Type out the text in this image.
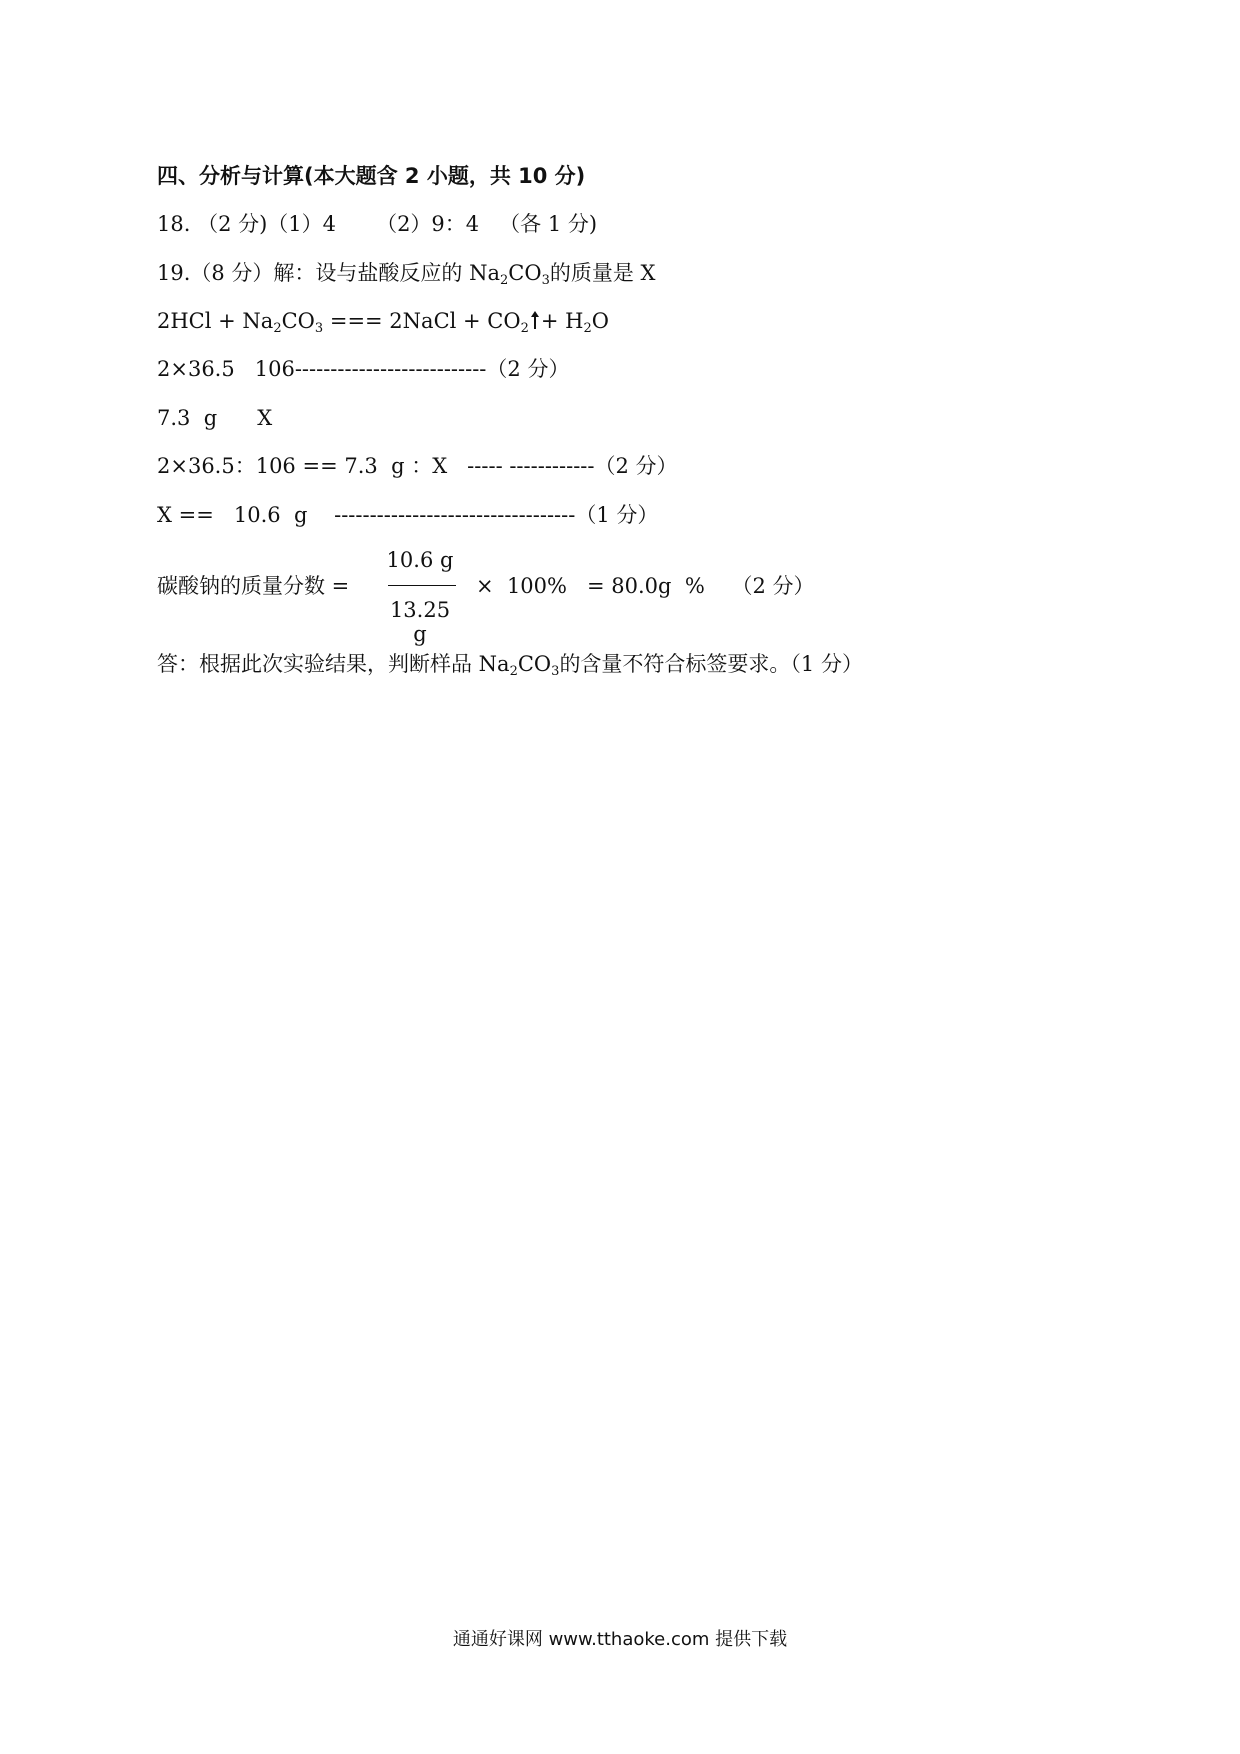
四、分析与计算(本大题含 2 小题，共 10 分)
18. （2 分)（1）4      （2）9：4   （各 1 分)
19.（8 分）解：设与盐酸反应的 $Na_2CO_3$的质量是 X
$2HCl + Na_2CO_3$ === 2NaCl + $CO_2 + H_2O$
2×36.5   106---------------------------（2 分）
7.3  g      X
2×36.5：106 == 7.3  g ：X   ----- ------------（2 分）
X ==   10.6  g    ----------------------------------（1 分）
碳酸钠的质量分数 =
10.6 g
13.25 g
×  100%   = 80.0g  %    （2 分）
答：根据此次实验结果，判断样品 $Na_2CO_3$的含量不符合标签要求。（1 分）
通通好课网 www.tthaoke.com 提供下载
